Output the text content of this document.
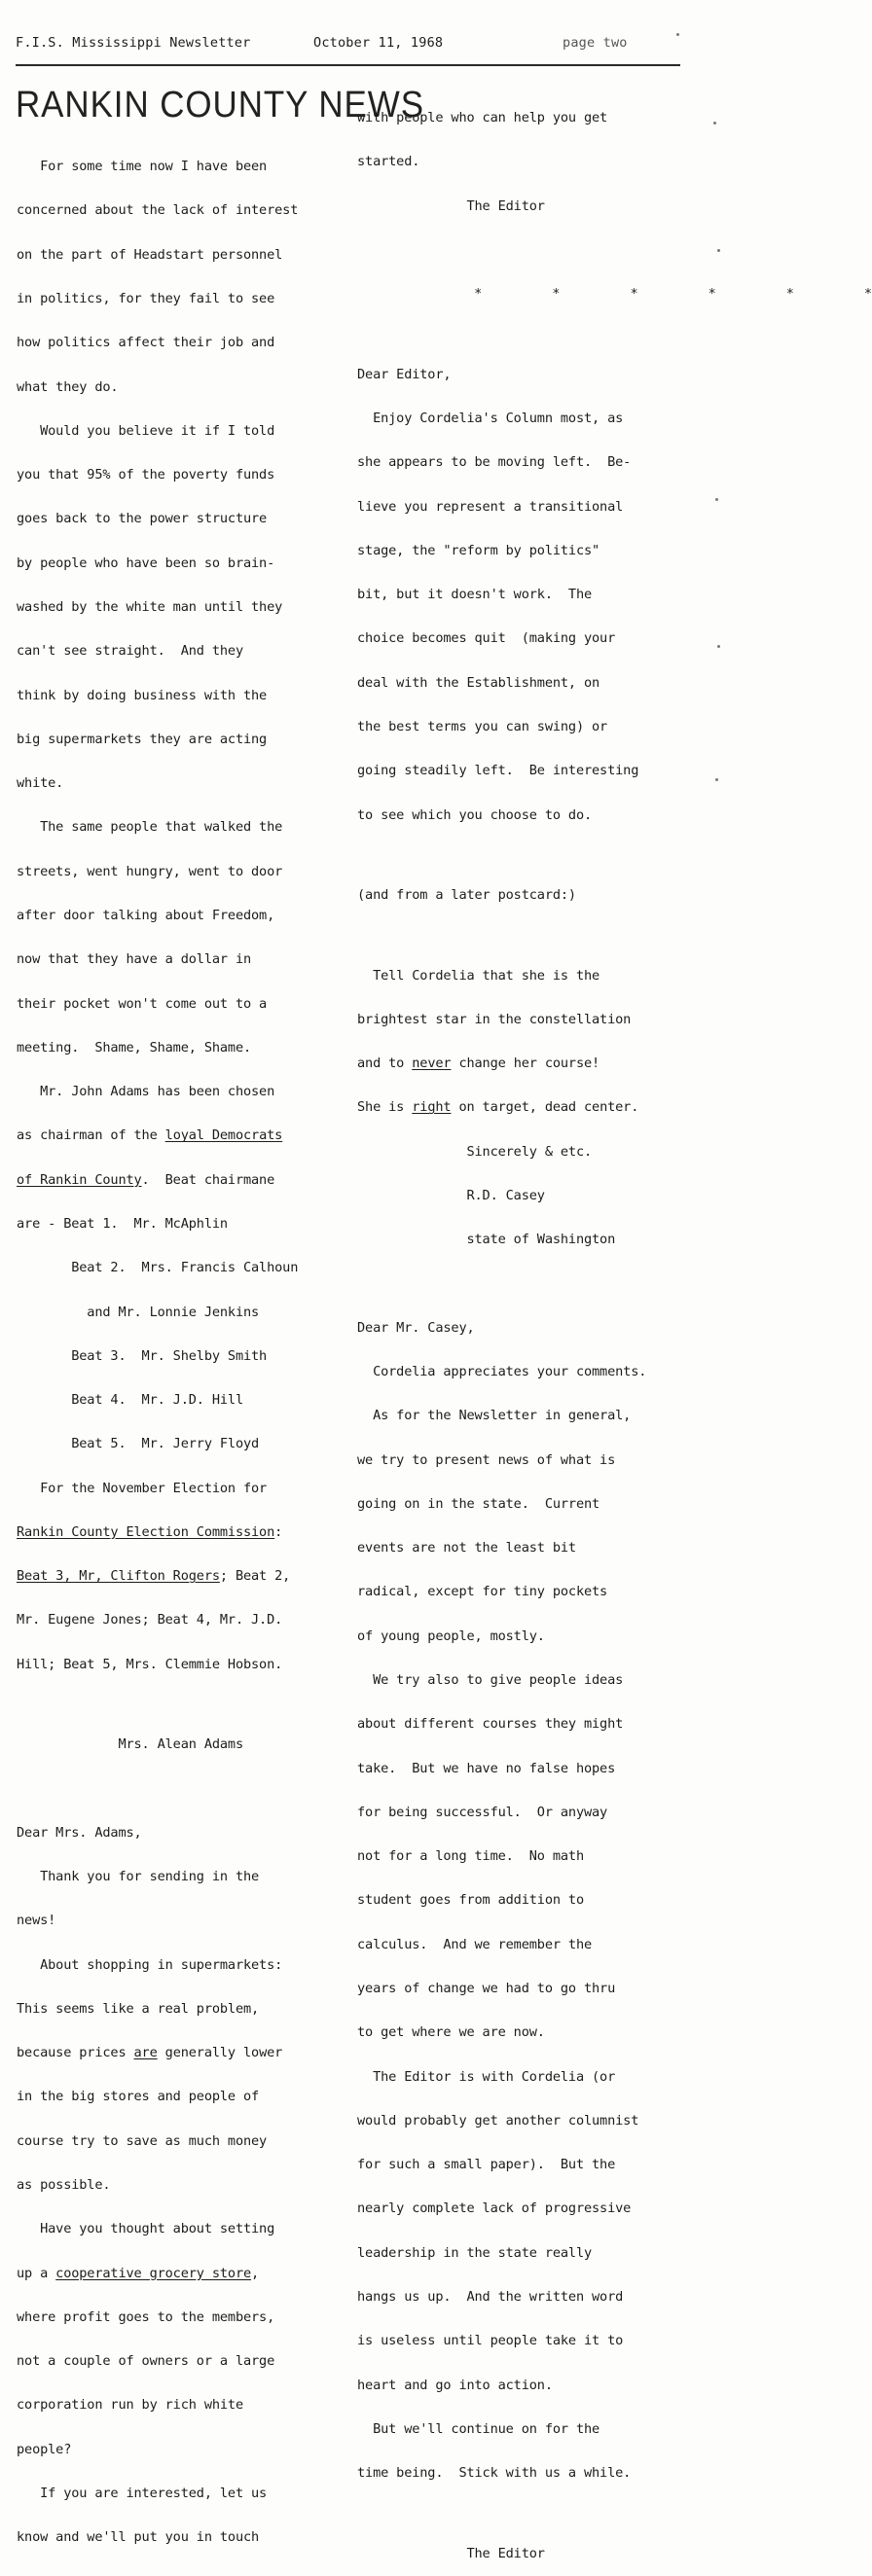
F.I.S. Mississippi Newsletter	October 11, 1968	page two
RANKIN COUNTY NEWS

For some time now I have been

concerned about the lack of interest

on the part of Headstart personnel

in politics, for they fail to see

how politics affect their job and

what they do.

Would you believe it if I told

you that 95% of the poverty funds

goes back to the power structure

by people who have been so brain-

washed by the white man until they

can't see straight.  And they

think by doing business with the

big supermarkets they are acting

white.

The same people that walked the

streets, went hungry, went to door

after door talking about Freedom,

now that they have a dollar in

their pocket won't come out to a

meeting.  Shame, Shame, Shame.

Mr. John Adams has been chosen

as chairman of the loyal Democrats

of Rankin County.  Beat chairmane

are - Beat 1.  Mr. McAphlin

Beat 2.  Mrs. Francis Calhoun

and Mr. Lonnie Jenkins

Beat 3.  Mr. Shelby Smith

Beat 4.  Mr. J.D. Hill

Beat 5.  Mr. Jerry Floyd

For the November Election for

Rankin County Election Commission:

Beat 3, Mr, Clifton Rogers; Beat 2,

Mr. Eugene Jones; Beat 4, Mr. J.D.

Hill; Beat 5, Mrs. Clemmie Hobson.

Mrs. Alean Adams

Dear Mrs. Adams,

Thank you for sending in the

news!

About shopping in supermarkets:

This seems like a real problem,

because prices are generally lower

in the big stores and people of

course try to save as much money

as possible.

Have you thought about setting

up a cooperative grocery store,

where profit goes to the members,

not a couple of owners or a large

corporation run by rich white

people?

If you are interested, let us

know and we'll put you in touch

with people who can help you get

started.

The Editor

*   *   *   *   *   *

Dear Editor,

Enjoy Cordelia's Column most, as

she appears to be moving left.  Be-

lieve you represent a transitional

stage, the "reform by politics"

bit, but it doesn't work.  The

choice becomes quit  (making your

deal with the Establishment, on

the best terms you can swing) or

going steadily left.  Be interesting

to see which you choose to do.

(and from a later postcard:)

Tell Cordelia that she is the

brightest star in the constellation

and to never change her course!

She is right on target, dead center.

Sincerely & etc.

R.D. Casey

state of Washington

Dear Mr. Casey,

Cordelia appreciates your comments.

As for the Newsletter in general,

we try to present news of what is

going on in the state.  Current

events are not the least bit

radical, except for tiny pockets

of young people, mostly.

We try also to give people ideas

about different courses they might

take.  But we have no false hopes

for being successful.  Or anyway

not for a long time.  No math

student goes from addition to

calculus.  And we remember the

years of change we had to go thru

to get where we are now.

The Editor is with Cordelia (or

would probably get another columnist

for such a small paper).  But the

nearly complete lack of progressive

leadership in the state really

hangs us up.  And the written word

is useless until people take it to

heart and go into action.

But we'll continue on for the

time being.  Stick with us a while.

The Editor
